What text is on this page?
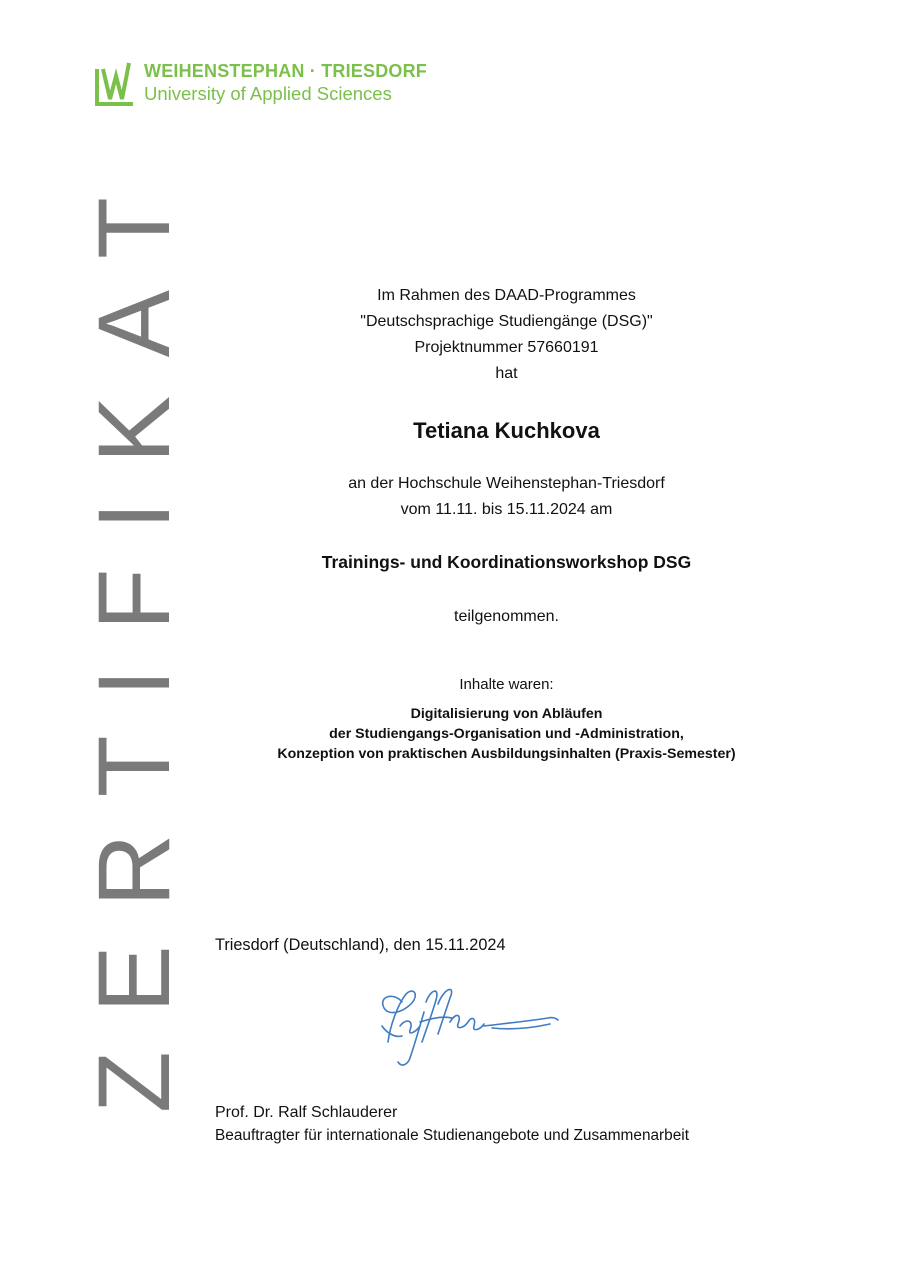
WEIHENSTEPHAN · TRIESDORF
University of Applied Sciences
ZERTIFIKAT	Im Rahmen des DAAD-Programmes
"Deutschsprachige Studiengänge (DSG)"
Projektnummer 57660191
hat
Tetiana Kuchkova
an der Hochschule Weihenstephan-Triesdorf
vom 11.11. bis 15.11.2024 am
Trainings- und Koordinationsworkshop DSG
teilgenommen.
Inhalte waren:
Digitalisierung von Abläufen
der Studiengangs-Organisation und -Administration,
Konzeption von praktischen Ausbildungsinhalten (Praxis-Semester)
Triesdorf (Deutschland), den 15.11.2024
Prof. Dr. Ralf Schlauderer
Beauftragter für internationale Studienangebote und Zusammenarbeit
